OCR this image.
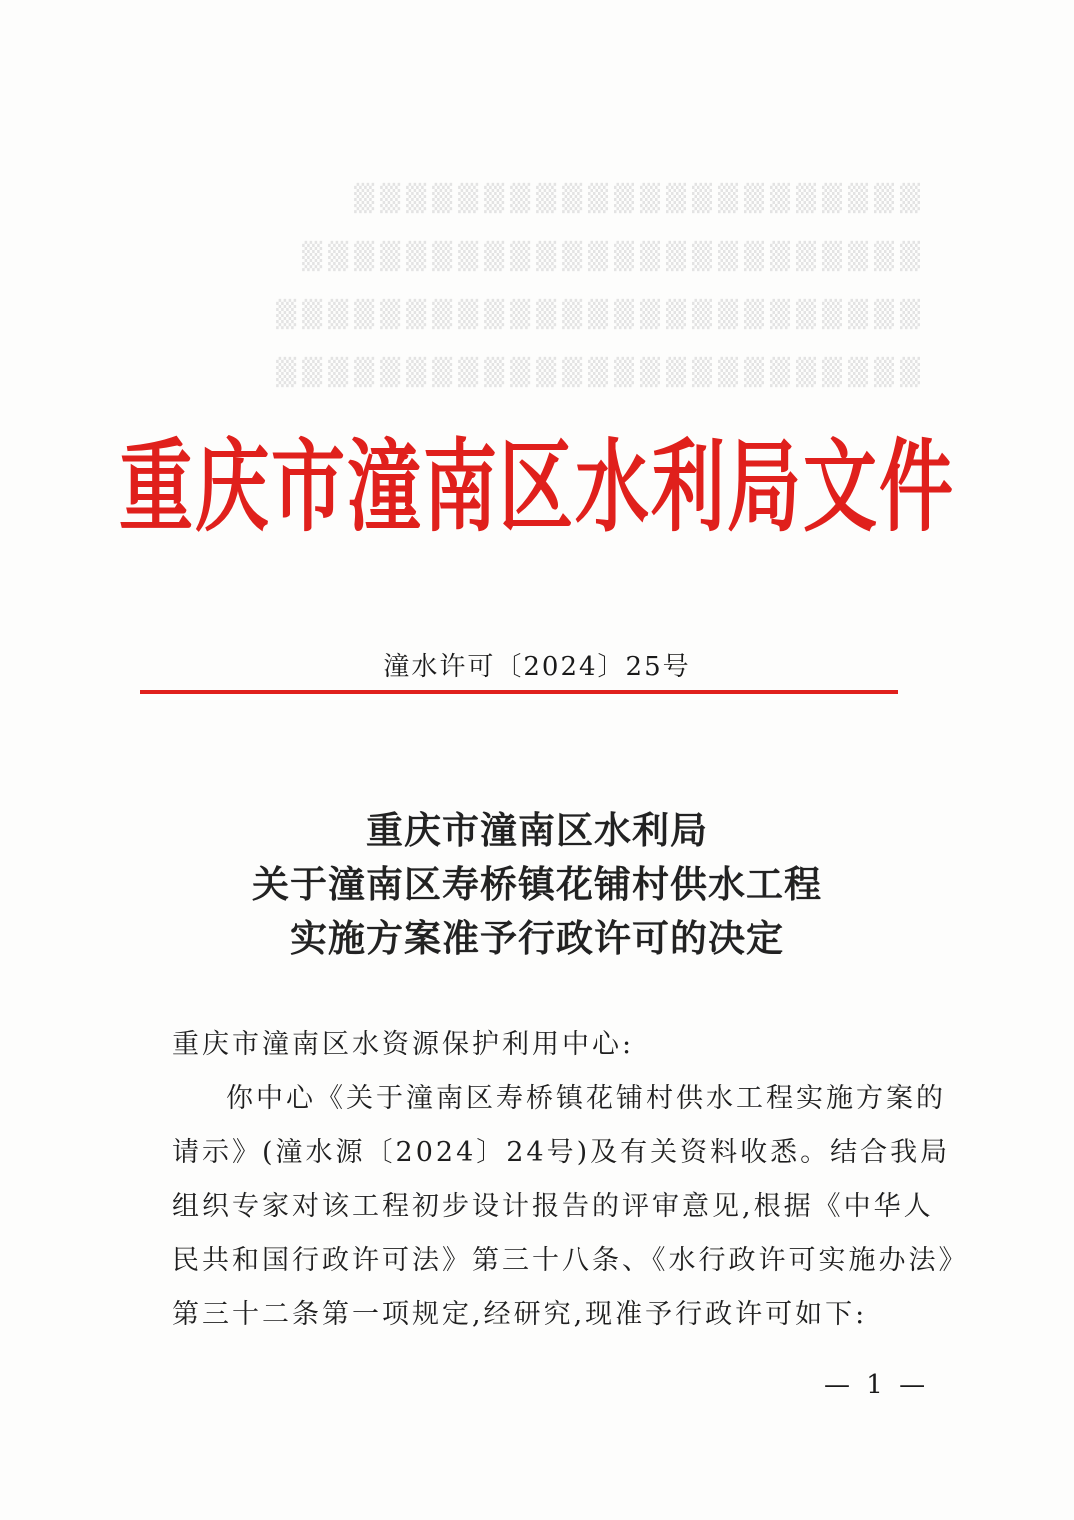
▒▒▒▒▒▒▒▒▒▒▒▒▒▒▒▒▒▒▒▒▒▒
▒▒▒▒▒▒▒▒▒▒▒▒▒▒▒▒▒▒▒▒▒▒▒▒
▒▒▒▒▒▒▒▒▒▒▒▒▒▒▒▒▒▒▒▒▒▒▒▒▒
▒▒▒▒▒▒▒▒▒▒▒▒▒▒▒▒▒▒▒▒▒▒▒▒▒
重庆市潼南区水利局文件
潼水许可〔2024〕25号
重庆市潼南区水利局
关于潼南区寿桥镇花铺村供水工程
实施方案准予行政许可的决定
重庆市潼南区水资源保护利用中心:
你中心《关于潼南区寿桥镇花铺村供水工程实施方案的
请示》(潼水源〔2024〕24号)及有关资料收悉。结合我局
组织专家对该工程初步设计报告的评审意见,根据《中华人
民共和国行政许可法》第三十八条、《水行政许可实施办法》
第三十二条第一项规定,经研究,现准予行政许可如下:
— 1 —
